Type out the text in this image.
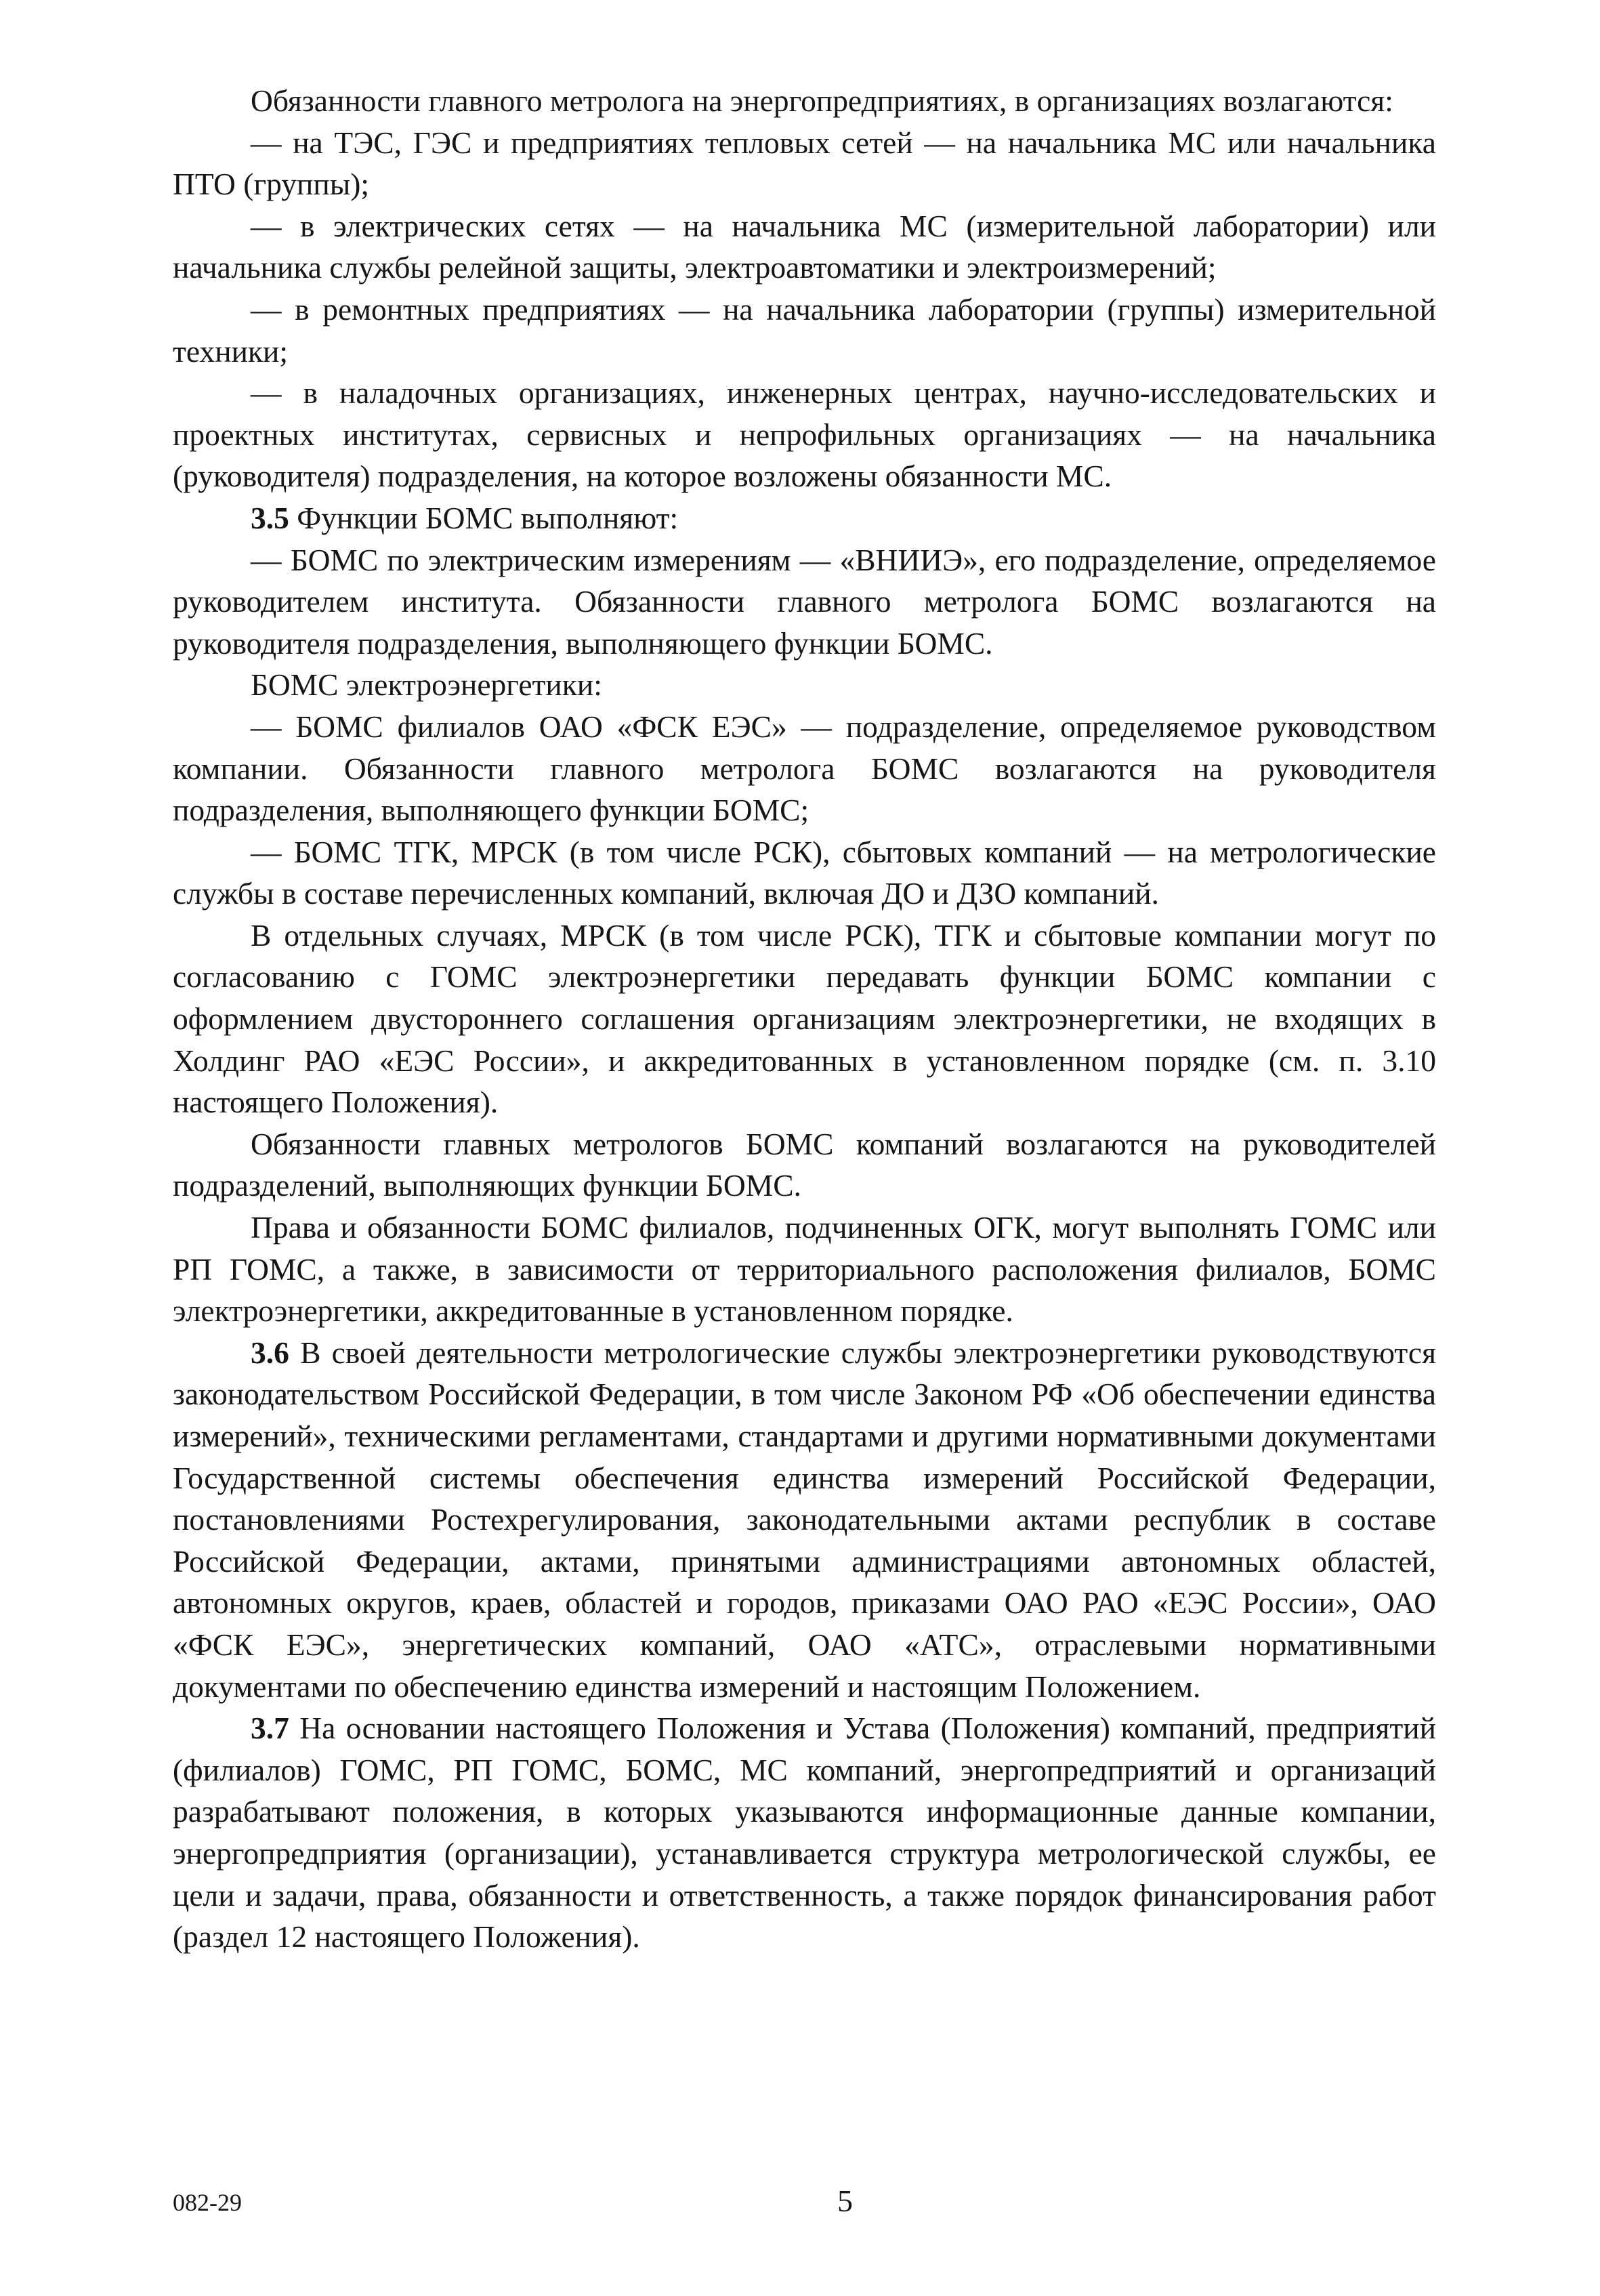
Обязанности главного метролога на энергопредприятиях, в организациях возлагаются:

— на ТЭС, ГЭС и предприятиях тепловых сетей — на начальника МС или начальника ПТО (группы);

— в электрических сетях — на начальника МС (измерительной лаборатории) или начальника службы релейной защиты, электроавтоматики и электроизмерений;

— в ремонтных предприятиях — на начальника лаборатории (группы) измерительной техники;

— в наладочных организациях, инженерных центрах, научно-исследовательских и проектных институтах, сервисных и непрофильных организациях — на начальника (руководителя) подразделения, на которое возложены обязанности МС.

3.5 Функции БОМС выполняют:

— БОМС по электрическим измерениям — «ВНИИЭ», его подразделение, определяемое руководителем института. Обязанности главного метролога БОМС возлагаются на руководителя подразделения, выполняющего функции БОМС.

БОМС электроэнергетики:

— БОМС филиалов ОАО «ФСК ЕЭС» — подразделение, определяемое руководством компании. Обязанности главного метролога БОМС возлагаются на руководителя подразделения, выполняющего функции БОМС;

— БОМС ТГК, МРСК (в том числе РСК), сбытовых компаний — на метрологические службы в составе перечисленных компаний, включая ДО и ДЗО компаний.

В отдельных случаях, МРСК (в том числе РСК), ТГК и сбытовые компании могут по согласованию с ГОМС электроэнергетики передавать функции БОМС компании с оформлением двустороннего соглашения организациям электроэнергетики, не входящих в Холдинг РАО «ЕЭС России», и аккредитованных в установленном порядке (см. п. 3.10 настоящего Положения).

Обязанности главных метрологов БОМС компаний возлагаются на руководителей подразделений, выполняющих функции БОМС.

Права и обязанности БОМС филиалов, подчиненных ОГК, могут выполнять ГОМС или РП ГОМС, а также, в зависимости от территориального расположения филиалов, БОМС электроэнергетики, аккредитованные в установленном порядке.

3.6 В своей деятельности метрологические службы электроэнергетики руководствуются законодательством Российской Федерации, в том числе Законом РФ «Об обеспечении единства измерений», техническими регламентами, стандартами и другими нормативными документами Государственной системы обеспечения единства измерений Российской Федерации, постановлениями Ростехрегулирования, законодательными актами республик в составе Российской Федерации, актами, принятыми администрациями автономных областей, автономных округов, краев, областей и городов, приказами ОАО РАО «ЕЭС России», ОАО «ФСК ЕЭС», энергетических компаний, ОАО «АТС», отраслевыми нормативными документами по обеспечению единства измерений и настоящим Положением.

3.7 На основании настоящего Положения и Устава (Положения) компаний, предприятий (филиалов) ГОМС, РП ГОМС, БОМС, МС компаний, энергопредприятий и организаций разрабатывают положения, в которых указываются информационные данные компании, энергопредприятия (организации), устанавливается структура метрологической службы, ее цели и задачи, права, обязанности и ответственность, а также порядок финансирования работ (раздел 12 настоящего Положения).

082-29	5
